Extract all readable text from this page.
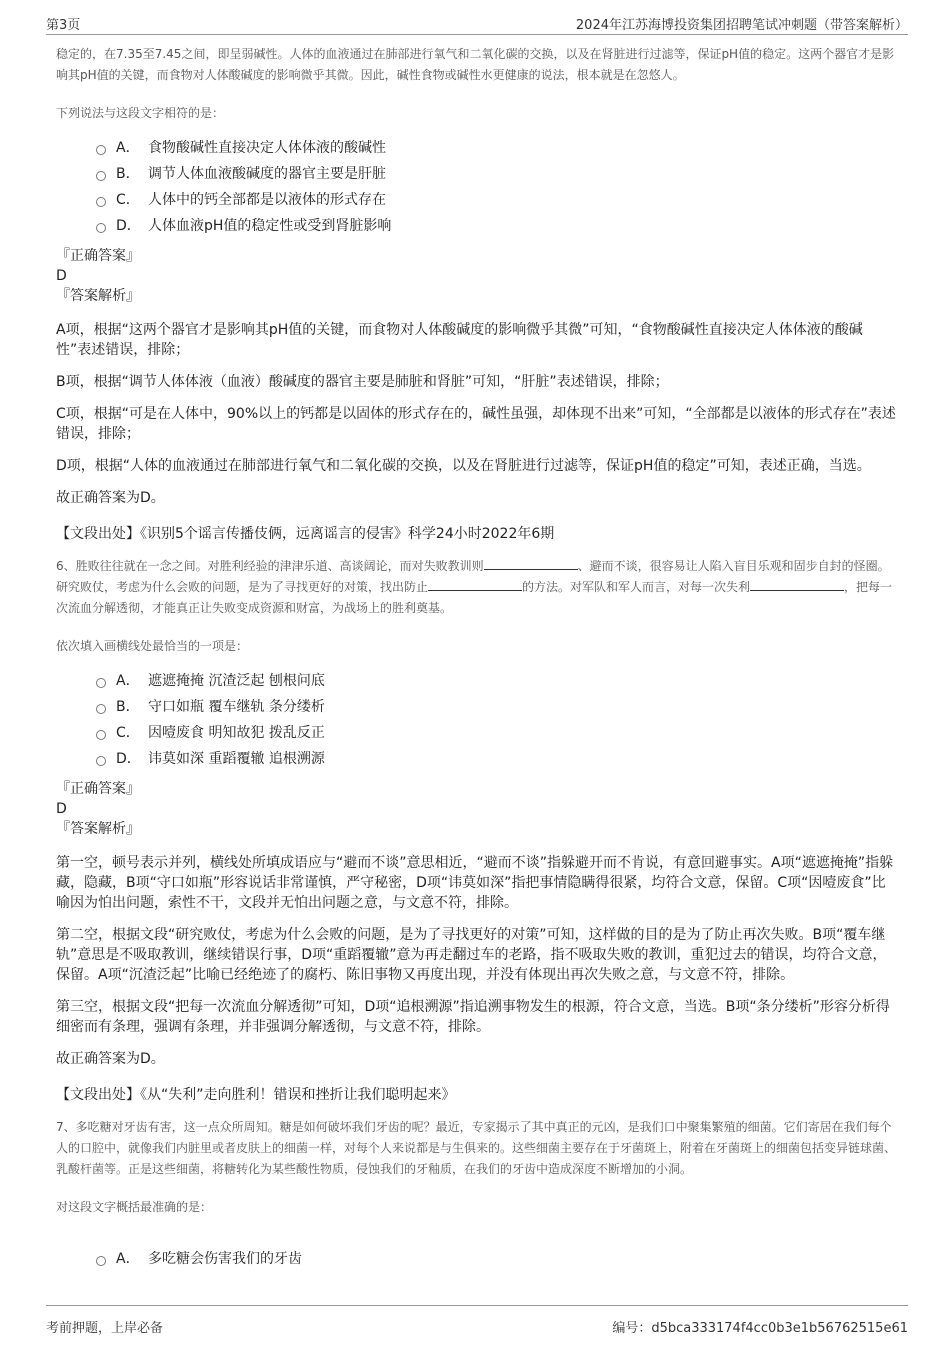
第3页	2024年江苏海博投资集团招聘笔试冲刺题（带答案解析）

稳定的，在7.35至7.45之间，即呈弱碱性。人体的血液通过在肺部进行氧气和二氧化碳的交换，以及在肾脏进行过滤等，保证pH值的稳定。这两个器官才是影响其pH值的关键，而食物对人体酸碱度的影响微乎其微。因此，碱性食物或碱性水更健康的说法，根本就是在忽悠人。

下列说法与这段文字相符的是：

A． 食物酸碱性直接决定人体体液的酸碱性
B． 调节人体血液酸碱度的器官主要是肝脏
C． 人体中的钙全部都是以液体的形式存在
D． 人体血液pH值的稳定性或受到肾脏影响

『正确答案』

D

『答案解析』

A项，根据“这两个器官才是影响其pH值的关键，而食物对人体酸碱度的影响微乎其微”可知，“食物酸碱性直接决定人体体液的酸碱性”表述错误，排除；

B项，根据“调节人体体液（血液）酸碱度的器官主要是肺脏和肾脏”可知，“肝脏”表述错误，排除；

C项，根据“可是在人体中，90%以上的钙都是以固体的形式存在的，碱性虽强，却体现不出来”可知，“全部都是以液体的形式存在”表述错误，排除；

D项，根据“人体的血液通过在肺部进行氧气和二氧化碳的交换，以及在肾脏进行过滤等，保证pH值的稳定”可知，表述正确，当选。

故正确答案为D。

【文段出处】《识别5个谣言传播伎俩，远离谣言的侵害》科学24小时2022年6期

6、胜败往往就在一念之间。对胜利经验的津津乐道、高谈阔论，而对失败教训则	、避而不谈，很容易让人陷入盲目乐观和固步自封的怪圈。研究败仗，考虑为什么会败的问题，是为了寻找更好的对策，找出防止	的方法。对军队和军人而言，对每一次失利	，把每一次流血分解透彻，才能真正让失败变成资源和财富，为战场上的胜利奠基。

依次填入画横线处最恰当的一项是：

A． 遮遮掩掩 沉渣泛起 刨根问底
B． 守口如瓶 覆车继轨 条分缕析
C． 因噎废食 明知故犯 拨乱反正
D． 讳莫如深 重蹈覆辙 追根溯源

『正确答案』

D

『答案解析』

第一空，顿号表示并列，横线处所填成语应与“避而不谈”意思相近，“避而不谈”指躲避开而不肯说，有意回避事实。A项“遮遮掩掩”指躲藏，隐藏，B项“守口如瓶”形容说话非常谨慎，严守秘密，D项“讳莫如深”指把事情隐瞒得很紧，均符合文意，保留。C项“因噎废食”比喻因为怕出问题，索性不干，文段并无怕出问题之意，与文意不符，排除。

第二空，根据文段“研究败仗，考虑为什么会败的问题，是为了寻找更好的对策”可知，这样做的目的是为了防止再次失败。B项“覆车继轨”意思是不吸取教训，继续错误行事，D项“重蹈覆辙”意为再走翻过车的老路，指不吸取失败的教训，重犯过去的错误，均符合文意，保留。A项“沉渣泛起”比喻已经绝迹了的腐朽、陈旧事物又再度出现，并没有体现出再次失败之意，与文意不符，排除。

第三空，根据文段“把每一次流血分解透彻”可知，D项“追根溯源”指追溯事物发生的根源，符合文意，当选。B项“条分缕析”形容分析得细密而有条理，强调有条理，并非强调分解透彻，与文意不符，排除。

故正确答案为D。

【文段出处】《从“失利”走向胜利！错误和挫折让我们聪明起来》

7、多吃糖对牙齿有害，这一点众所周知。糖是如何破坏我们牙齿的呢？最近，专家揭示了其中真正的元凶，是我们口中聚集繁殖的细菌。它们寄居在我们每个人的口腔中，就像我们内脏里或者皮肤上的细菌一样，对每个人来说都是与生俱来的。这些细菌主要存在于牙菌斑上，附着在牙菌斑上的细菌包括变异链球菌、乳酸杆菌等。正是这些细菌，将糖转化为某些酸性物质，侵蚀我们的牙釉质，在我们的牙齿中造成深度不断增加的小洞。

对这段文字概括最准确的是：

A． 多吃糖会伤害我们的牙齿
考前押题，上岸必备	编号：d5bca333174f4cc0b3e1b56762515e61
